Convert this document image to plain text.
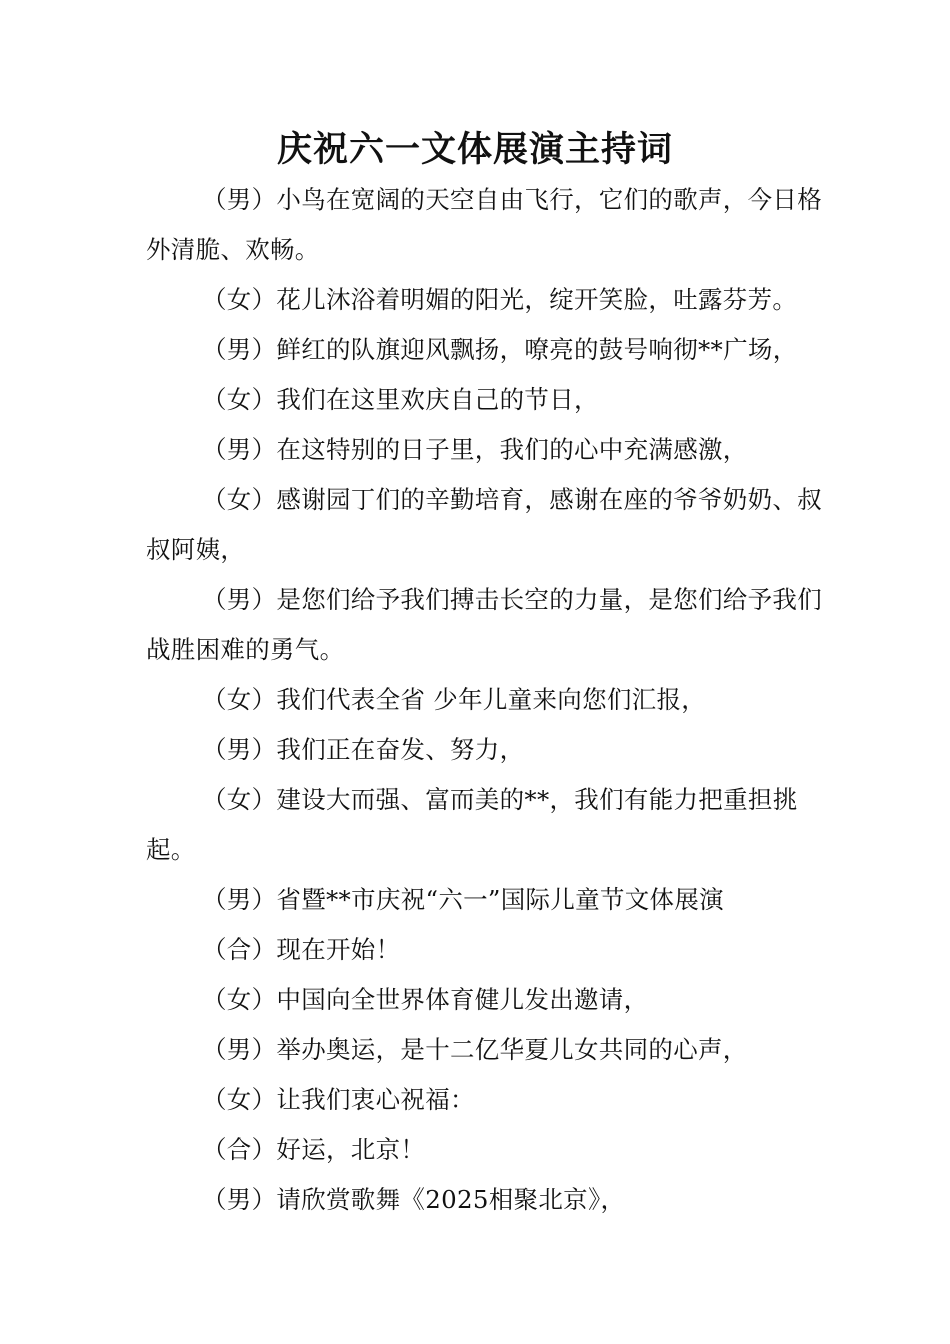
庆祝六一文体展演主持词

（男）小鸟在宽阔的天空自由飞行，它们的歌声，今日格外清脆、欢畅。

（女）花儿沐浴着明媚的阳光，绽开笑脸，吐露芬芳。

（男）鲜红的队旗迎风飘扬，嘹亮的鼓号响彻**广场，

（女）我们在这里欢庆自己的节日，

（男）在这特别的日子里，我们的心中充满感激，

（女）感谢园丁们的辛勤培育，感谢在座的爷爷奶奶、叔叔阿姨，

（男）是您们给予我们搏击长空的力量，是您们给予我们战胜困难的勇气。

（女）我们代表全省 少年儿童来向您们汇报，

（男）我们正在奋发、努力，

（女）建设大而强、富而美的**，我们有能力把重担挑起。

（男）省暨**市庆祝“六一”国际儿童节文体展演

（合）现在开始！

（女）中国向全世界体育健儿发出邀请，

（男）举办奥运，是十二亿华夏儿女共同的心声，

（女）让我们衷心祝福：

（合）好运，北京！

（男）请欣赏歌舞《2025相聚北京》，
